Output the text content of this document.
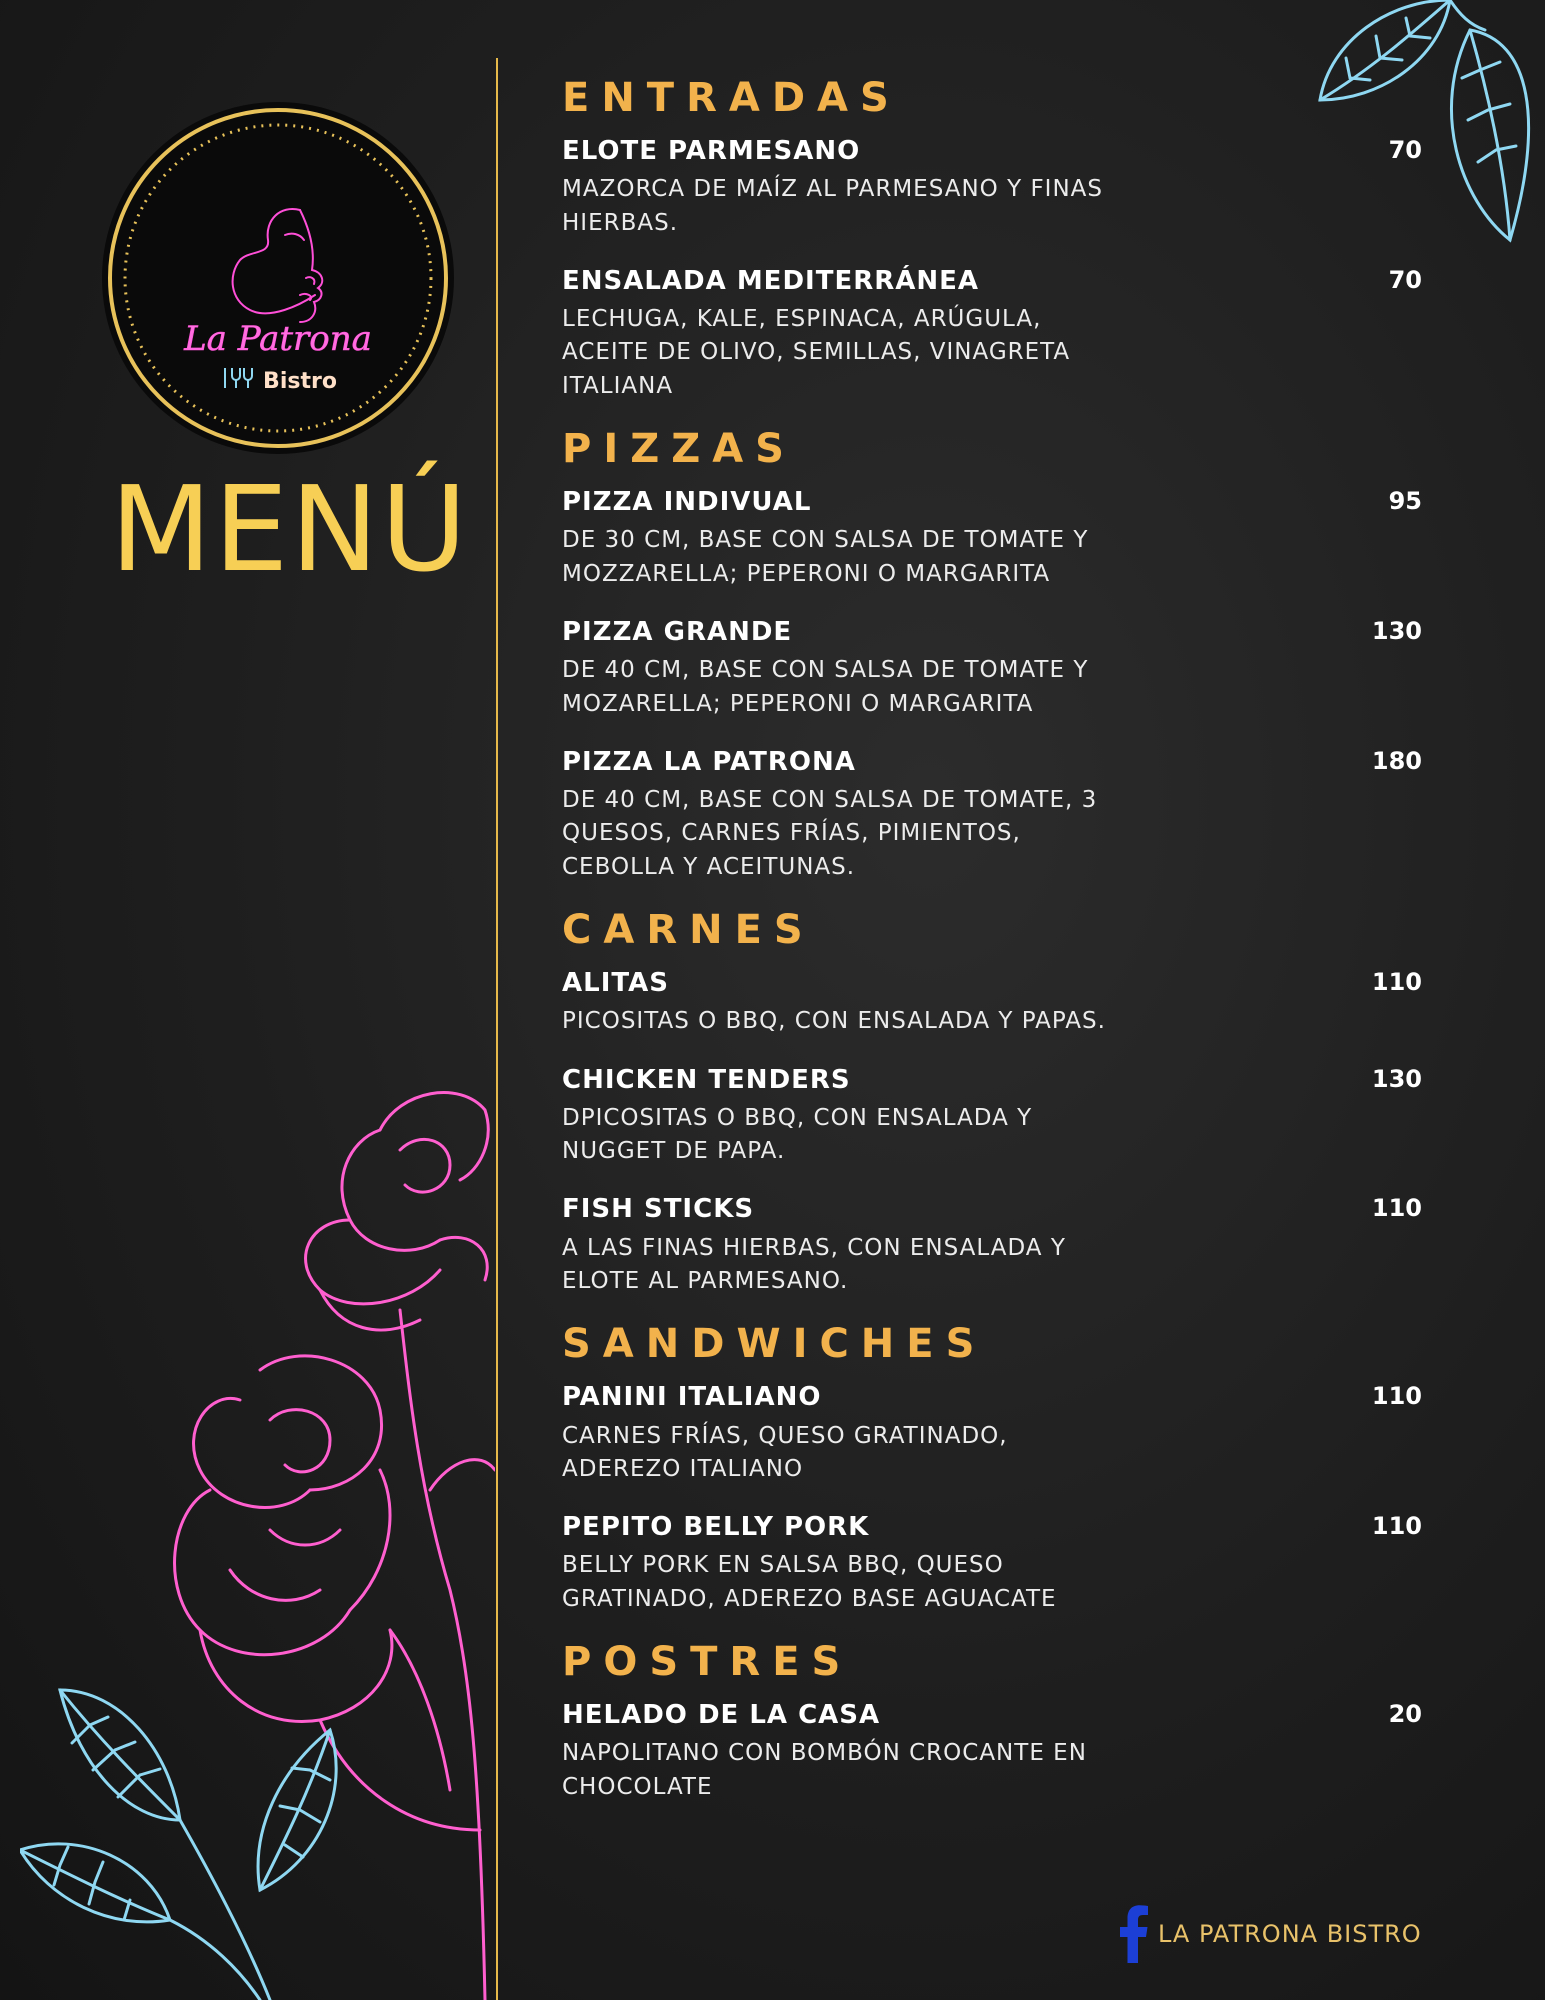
La Patrona
Bistro
MENÚ
ENTRADAS
ELOTE PARMESANO	70
MAZORCA DE MAÍZ AL PARMESANO Y FINAS HIERBAS.
ENSALADA MEDITERRÁNEA	70
LECHUGA, KALE, ESPINACA, ARÚGULA, ACEITE DE OLIVO, SEMILLAS, VINAGRETA ITALIANA
PIZZAS
PIZZA INDIVUAL	95
DE 30 CM, BASE CON SALSA DE TOMATE Y MOZZARELLA; PEPERONI O MARGARITA
PIZZA GRANDE	130
DE 40 CM, BASE CON SALSA DE TOMATE Y MOZARELLA; PEPERONI O MARGARITA
PIZZA LA PATRONA	180
DE 40 CM, BASE CON SALSA DE TOMATE, 3 QUESOS, CARNES FRÍAS, PIMIENTOS, CEBOLLA Y ACEITUNAS.
CARNES
ALITAS	110
PICOSITAS O BBQ, CON ENSALADA Y PAPAS.
CHICKEN TENDERS	130
DPICOSITAS O BBQ, CON ENSALADA Y NUGGET DE PAPA.
FISH STICKS	110
A LAS FINAS HIERBAS, CON ENSALADA Y ELOTE AL PARMESANO.
SANDWICHES
PANINI ITALIANO	110
CARNES FRÍAS, QUESO GRATINADO, ADEREZO ITALIANO
PEPITO BELLY PORK	110
BELLY PORK EN SALSA BBQ, QUESO GRATINADO, ADEREZO BASE AGUACATE
POSTRES
HELADO DE LA CASA	20
NAPOLITANO CON BOMBÓN CROCANTE EN CHOCOLATE
LA PATRONA BISTRO
